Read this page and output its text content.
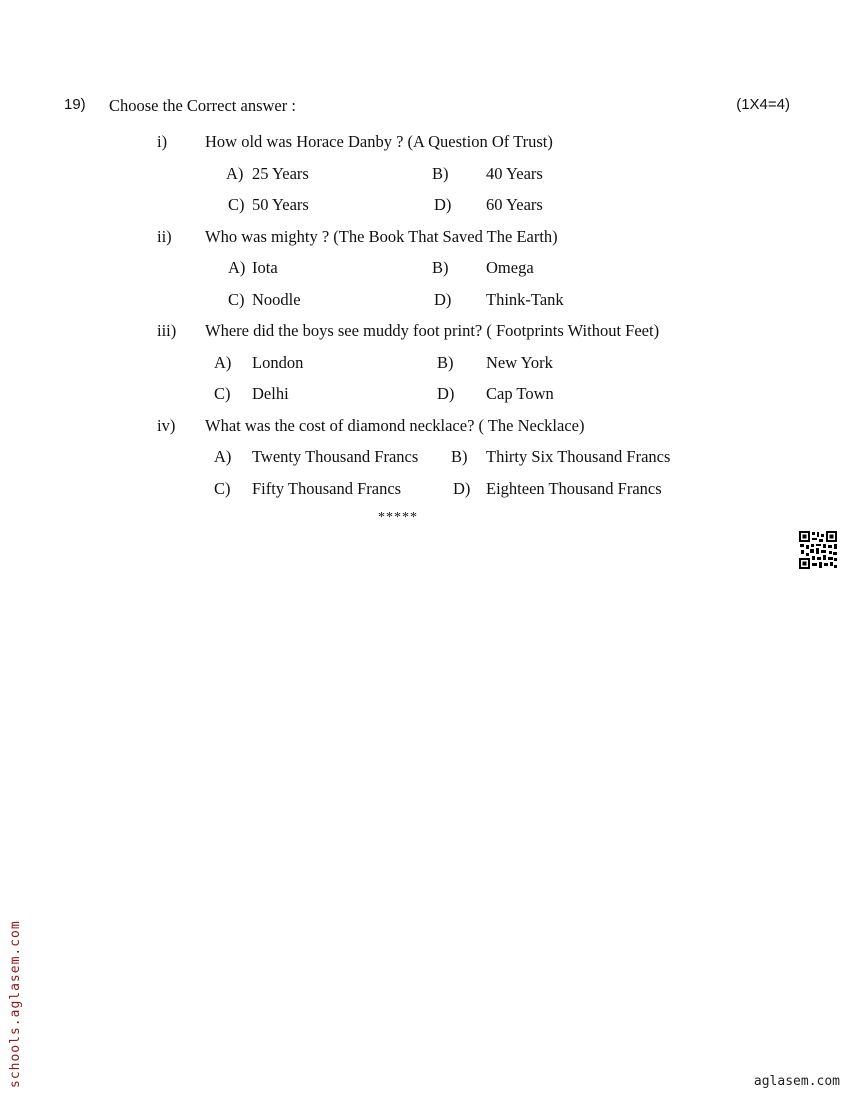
19) Choose the Correct answer :	(1X4=4)
i) How old was Horace Danby ? (A Question Of Trust)
A) 25 Years	B) 40 Years
C) 50 Years	D) 60 Years
ii) Who was mighty ? (The Book That Saved The Earth)
A) Iota	B) Omega
C) Noodle	D) Think-Tank
iii) Where did the boys see muddy foot print? ( Footprints Without Feet)
A) London	B) New York
C) Delhi	D) Cap Town
iv) What was the cost of diamond necklace? ( The Necklace)
A) Twenty Thousand Francs B) Thirty Six Thousand Francs
C) Fifty Thousand Francs	D) Eighteen Thousand Francs
*****
schools.aglasem.com	aglasem.com
